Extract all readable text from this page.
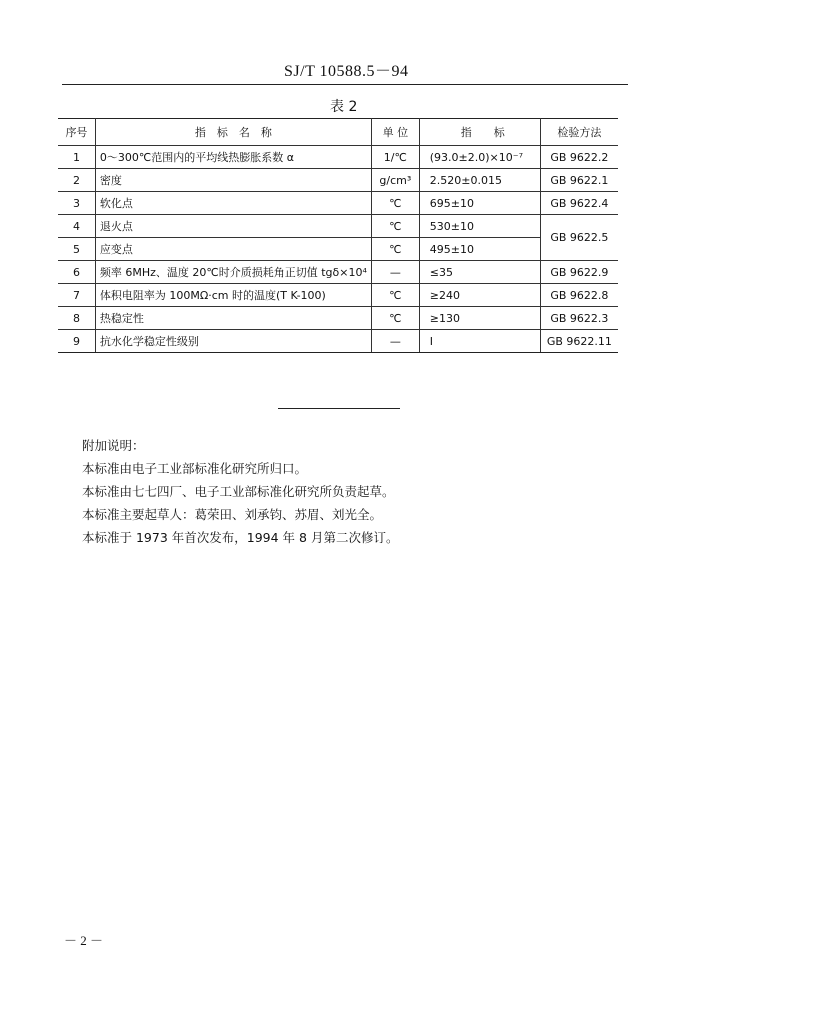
SJ/T 10588.5－94
表 2
序号	指　标　名　称	单 位	指　　标	检验方法
1	0～300℃范围内的平均线热膨胀系数 α	1/℃	(93.0±2.0)×10⁻⁷	GB 9622.2
2	密度	g/cm³	2.520±0.015	GB 9622.1
3	软化点	℃	695±10	GB 9622.4
4	退火点	℃	530±10	GB 9622.5
5	应变点	℃	495±10	
6	频率 6MHz、温度 20℃时介质损耗角正切值 tgδ×10⁴	—	≤35	GB 9622.9
7	体积电阻率为 100MΩ·cm 时的温度(T K-100)	℃	≥240	GB 9622.8
8	热稳定性	℃	≥130	GB 9622.3
9	抗水化学稳定性级别	—	I	GB 9622.11
附加说明：
本标准由电子工业部标准化研究所归口。
本标准由七七四厂、电子工业部标准化研究所负责起草。
本标准主要起草人：葛荣田、刘承钧、苏眉、刘光全。
本标准于 1973 年首次发布，1994 年 8 月第二次修订。
－ 2 －
